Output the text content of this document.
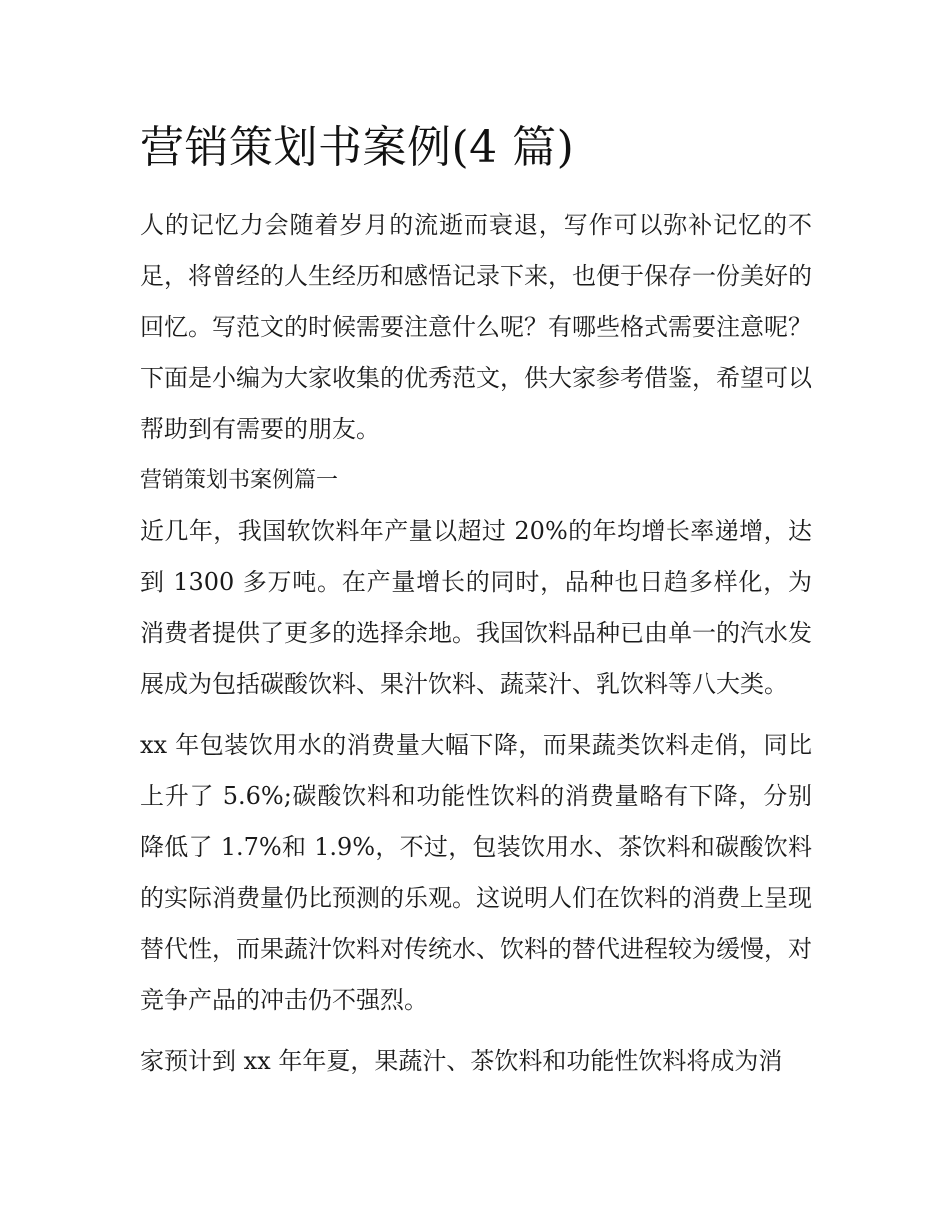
营销策划书案例(4 篇)

人的记忆力会随着岁月的流逝而衰退，写作可以弥补记忆的不足，将曾经的人生经历和感悟记录下来，也便于保存一份美好的回忆。写范文的时候需要注意什么呢？有哪些格式需要注意呢？下面是小编为大家收集的优秀范文，供大家参考借鉴，希望可以帮助到有需要的朋友。

营销策划书案例篇一

近几年，我国软饮料年产量以超过 20%的年均增长率递增，达到 1300 多万吨。在产量增长的同时，品种也日趋多样化，为消费者提供了更多的选择余地。我国饮料品种已由单一的汽水发展成为包括碳酸饮料、果汁饮料、蔬菜汁、乳饮料等八大类。

xx 年包装饮用水的消费量大幅下降，而果蔬类饮料走俏，同比上升了 5.6%;碳酸饮料和功能性饮料的消费量略有下降，分别降低了 1.7%和 1.9%，不过，包装饮用水、茶饮料和碳酸饮料的实际消费量仍比预测的乐观。这说明人们在饮料的消费上呈现替代性，而果蔬汁饮料对传统水、饮料的替代进程较为缓慢，对竞争产品的冲击仍不强烈。

家预计到 xx 年年夏，果蔬汁、茶饮料和功能性饮料将成为消
